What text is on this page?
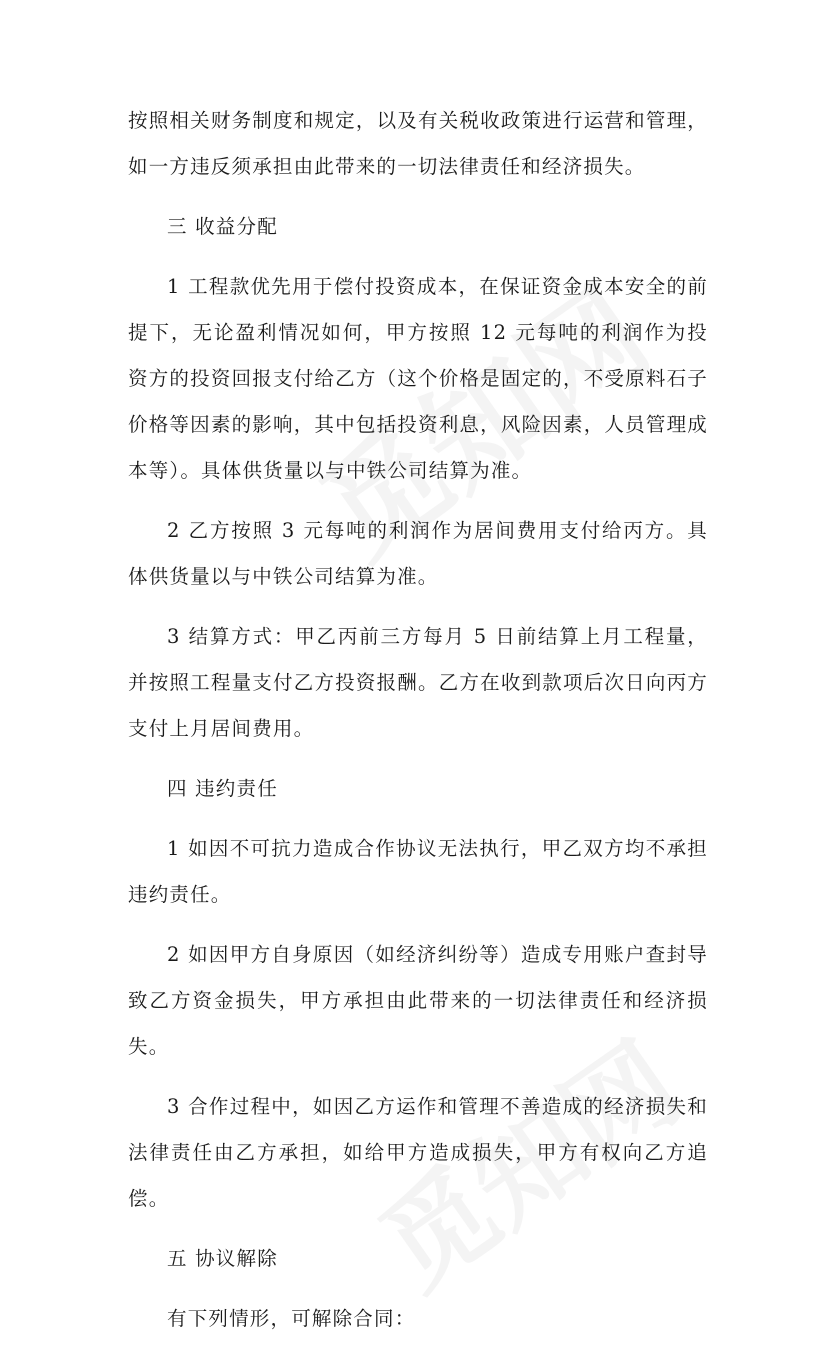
按照相关财务制度和规定，以及有关税收政策进行运营和管理，如一方违反须承担由此带来的一切法律责任和经济损失。

三 收益分配

1 工程款优先用于偿付投资成本，在保证资金成本安全的前提下，无论盈利情况如何，甲方按照 12 元每吨的利润作为投资方的投资回报支付给乙方（这个价格是固定的，不受原料石子价格等因素的影响，其中包括投资利息，风险因素，人员管理成本等）。具体供货量以与中铁公司结算为准。

2 乙方按照 3 元每吨的利润作为居间费用支付给丙方。具体供货量以与中铁公司结算为准。

3 结算方式：甲乙丙前三方每月 5 日前结算上月工程量，并按照工程量支付乙方投资报酬。乙方在收到款项后次日向丙方支付上月居间费用。

四 违约责任

1 如因不可抗力造成合作协议无法执行，甲乙双方均不承担违约责任。

2 如因甲方自身原因（如经济纠纷等）造成专用账户查封导致乙方资金损失，甲方承担由此带来的一切法律责任和经济损失。

3 合作过程中，如因乙方运作和管理不善造成的经济损失和法律责任由乙方承担，如给甲方造成损失，甲方有权向乙方追偿。

五 协议解除

有下列情形，可解除合同：
